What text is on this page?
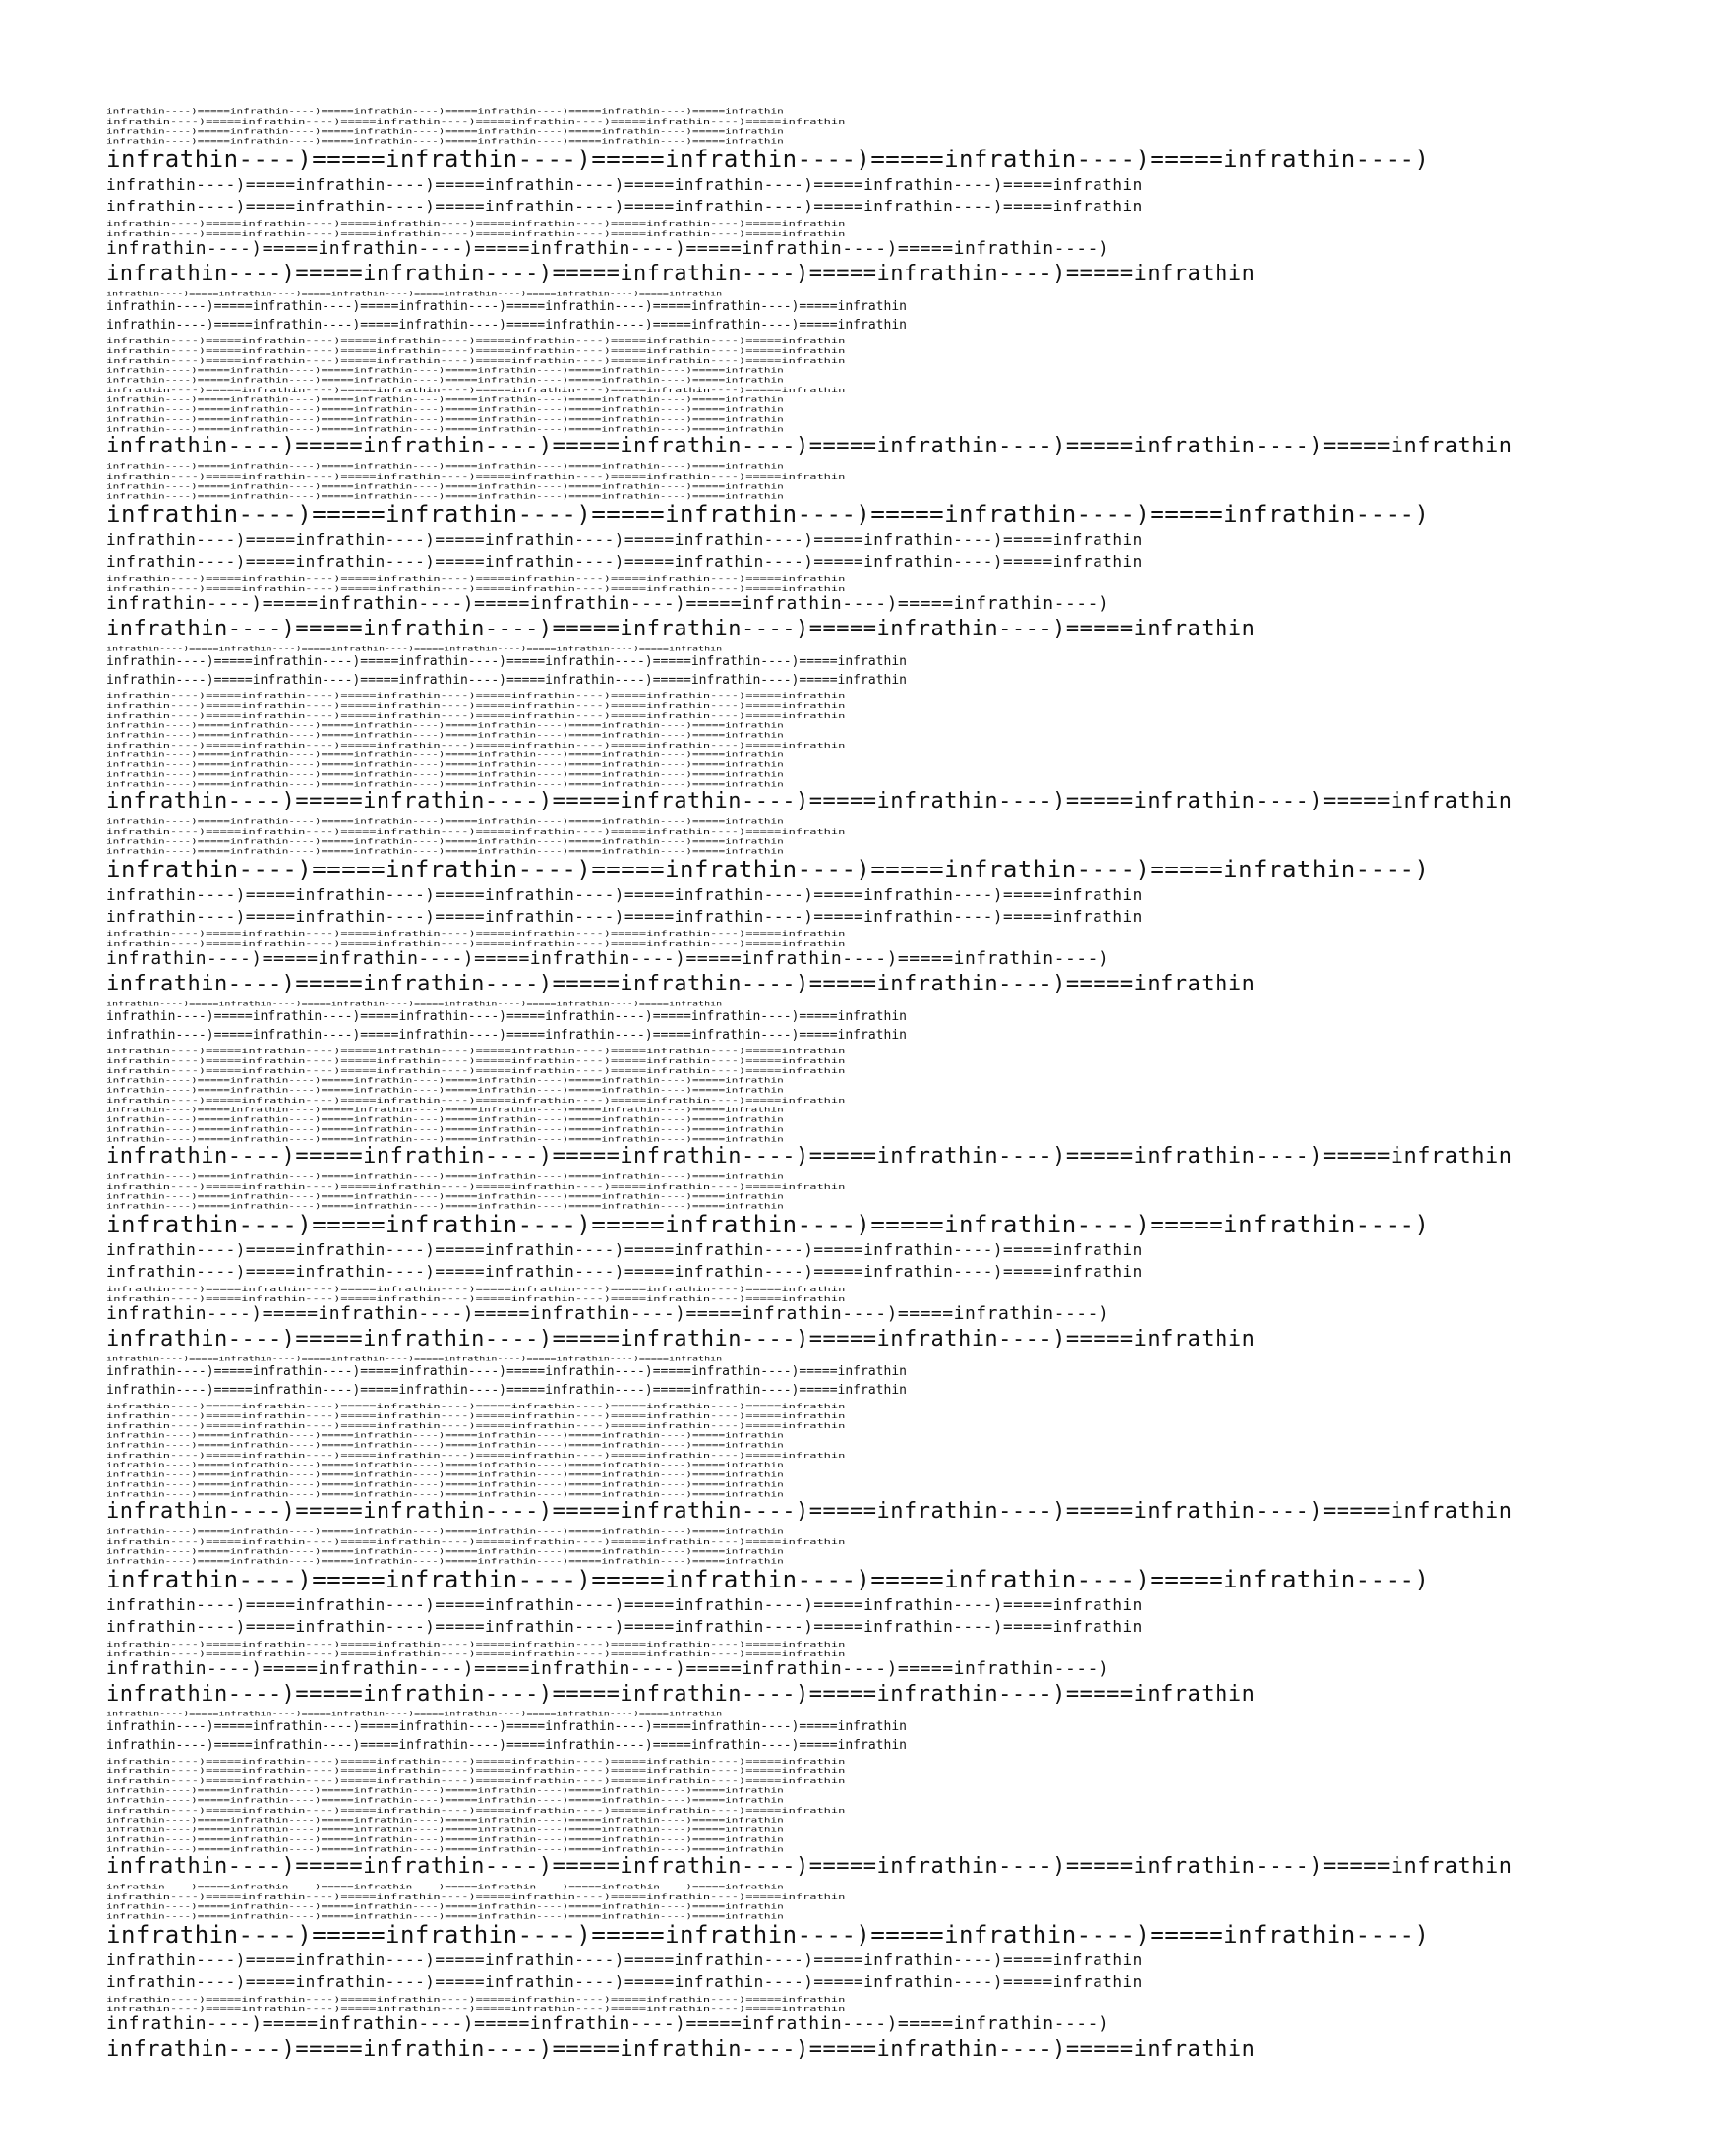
infrathin----)=====infrathin----)=====infrathin----)=====infrathin----)=====infrathin----)=====infrathin
infrathin----)=====infrathin----)=====infrathin----)=====infrathin----)=====infrathin----)=====infrathin
infrathin----)=====infrathin----)=====infrathin----)=====infrathin----)=====infrathin----)=====infrathin
infrathin----)=====infrathin----)=====infrathin----)=====infrathin----)=====infrathin----)=====infrathin
infrathin----)=====infrathin----)=====infrathin----)=====infrathin----)=====infrathin----)
infrathin----)=====infrathin----)=====infrathin----)=====infrathin----)=====infrathin----)=====infrathin
infrathin----)=====infrathin----)=====infrathin----)=====infrathin----)=====infrathin----)=====infrathin
infrathin----)=====infrathin----)=====infrathin----)=====infrathin----)=====infrathin----)=====infrathin
infrathin----)=====infrathin----)=====infrathin----)=====infrathin----)=====infrathin----)=====infrathin
infrathin----)=====infrathin----)=====infrathin----)=====infrathin----)=====infrathin----)
infrathin----)=====infrathin----)=====infrathin----)=====infrathin----)=====infrathin
infrathin----)=====infrathin----)=====infrathin----)=====infrathin----)=====infrathin----)=====infrathin
infrathin----)=====infrathin----)=====infrathin----)=====infrathin----)=====infrathin----)=====infrathin
infrathin----)=====infrathin----)=====infrathin----)=====infrathin----)=====infrathin----)=====infrathin
infrathin----)=====infrathin----)=====infrathin----)=====infrathin----)=====infrathin----)=====infrathin
infrathin----)=====infrathin----)=====infrathin----)=====infrathin----)=====infrathin----)=====infrathin
infrathin----)=====infrathin----)=====infrathin----)=====infrathin----)=====infrathin----)=====infrathin
infrathin----)=====infrathin----)=====infrathin----)=====infrathin----)=====infrathin----)=====infrathin
infrathin----)=====infrathin----)=====infrathin----)=====infrathin----)=====infrathin----)=====infrathin
infrathin----)=====infrathin----)=====infrathin----)=====infrathin----)=====infrathin----)=====infrathin
infrathin----)=====infrathin----)=====infrathin----)=====infrathin----)=====infrathin----)=====infrathin
infrathin----)=====infrathin----)=====infrathin----)=====infrathin----)=====infrathin----)=====infrathin
infrathin----)=====infrathin----)=====infrathin----)=====infrathin----)=====infrathin----)=====infrathin
infrathin----)=====infrathin----)=====infrathin----)=====infrathin----)=====infrathin----)=====infrathin
infrathin----)=====infrathin----)=====infrathin----)=====infrathin----)=====infrathin----)=====infrathin
infrathin----)=====infrathin----)=====infrathin----)=====infrathin----)=====infrathin----)=====infrathin
infrathin----)=====infrathin----)=====infrathin----)=====infrathin----)=====infrathin----)=====infrathin
infrathin----)=====infrathin----)=====infrathin----)=====infrathin----)=====infrathin----)=====infrathin
infrathin----)=====infrathin----)=====infrathin----)=====infrathin----)=====infrathin----)=====infrathin
infrathin----)=====infrathin----)=====infrathin----)=====infrathin----)=====infrathin----)
infrathin----)=====infrathin----)=====infrathin----)=====infrathin----)=====infrathin----)=====infrathin
infrathin----)=====infrathin----)=====infrathin----)=====infrathin----)=====infrathin----)=====infrathin
infrathin----)=====infrathin----)=====infrathin----)=====infrathin----)=====infrathin----)=====infrathin
infrathin----)=====infrathin----)=====infrathin----)=====infrathin----)=====infrathin----)=====infrathin
infrathin----)=====infrathin----)=====infrathin----)=====infrathin----)=====infrathin----)
infrathin----)=====infrathin----)=====infrathin----)=====infrathin----)=====infrathin
infrathin----)=====infrathin----)=====infrathin----)=====infrathin----)=====infrathin----)=====infrathin
infrathin----)=====infrathin----)=====infrathin----)=====infrathin----)=====infrathin----)=====infrathin
infrathin----)=====infrathin----)=====infrathin----)=====infrathin----)=====infrathin----)=====infrathin
infrathin----)=====infrathin----)=====infrathin----)=====infrathin----)=====infrathin----)=====infrathin
infrathin----)=====infrathin----)=====infrathin----)=====infrathin----)=====infrathin----)=====infrathin
infrathin----)=====infrathin----)=====infrathin----)=====infrathin----)=====infrathin----)=====infrathin
infrathin----)=====infrathin----)=====infrathin----)=====infrathin----)=====infrathin----)=====infrathin
infrathin----)=====infrathin----)=====infrathin----)=====infrathin----)=====infrathin----)=====infrathin
infrathin----)=====infrathin----)=====infrathin----)=====infrathin----)=====infrathin----)=====infrathin
infrathin----)=====infrathin----)=====infrathin----)=====infrathin----)=====infrathin----)=====infrathin
infrathin----)=====infrathin----)=====infrathin----)=====infrathin----)=====infrathin----)=====infrathin
infrathin----)=====infrathin----)=====infrathin----)=====infrathin----)=====infrathin----)=====infrathin
infrathin----)=====infrathin----)=====infrathin----)=====infrathin----)=====infrathin----)=====infrathin
infrathin----)=====infrathin----)=====infrathin----)=====infrathin----)=====infrathin----)=====infrathin
infrathin----)=====infrathin----)=====infrathin----)=====infrathin----)=====infrathin----)=====infrathin
infrathin----)=====infrathin----)=====infrathin----)=====infrathin----)=====infrathin----)=====infrathin
infrathin----)=====infrathin----)=====infrathin----)=====infrathin----)=====infrathin----)=====infrathin
infrathin----)=====infrathin----)=====infrathin----)=====infrathin----)=====infrathin----)=====infrathin
infrathin----)=====infrathin----)=====infrathin----)=====infrathin----)=====infrathin----)
infrathin----)=====infrathin----)=====infrathin----)=====infrathin----)=====infrathin----)=====infrathin
infrathin----)=====infrathin----)=====infrathin----)=====infrathin----)=====infrathin----)=====infrathin
infrathin----)=====infrathin----)=====infrathin----)=====infrathin----)=====infrathin----)=====infrathin
infrathin----)=====infrathin----)=====infrathin----)=====infrathin----)=====infrathin----)=====infrathin
infrathin----)=====infrathin----)=====infrathin----)=====infrathin----)=====infrathin----)
infrathin----)=====infrathin----)=====infrathin----)=====infrathin----)=====infrathin
infrathin----)=====infrathin----)=====infrathin----)=====infrathin----)=====infrathin----)=====infrathin
infrathin----)=====infrathin----)=====infrathin----)=====infrathin----)=====infrathin----)=====infrathin
infrathin----)=====infrathin----)=====infrathin----)=====infrathin----)=====infrathin----)=====infrathin
infrathin----)=====infrathin----)=====infrathin----)=====infrathin----)=====infrathin----)=====infrathin
infrathin----)=====infrathin----)=====infrathin----)=====infrathin----)=====infrathin----)=====infrathin
infrathin----)=====infrathin----)=====infrathin----)=====infrathin----)=====infrathin----)=====infrathin
infrathin----)=====infrathin----)=====infrathin----)=====infrathin----)=====infrathin----)=====infrathin
infrathin----)=====infrathin----)=====infrathin----)=====infrathin----)=====infrathin----)=====infrathin
infrathin----)=====infrathin----)=====infrathin----)=====infrathin----)=====infrathin----)=====infrathin
infrathin----)=====infrathin----)=====infrathin----)=====infrathin----)=====infrathin----)=====infrathin
infrathin----)=====infrathin----)=====infrathin----)=====infrathin----)=====infrathin----)=====infrathin
infrathin----)=====infrathin----)=====infrathin----)=====infrathin----)=====infrathin----)=====infrathin
infrathin----)=====infrathin----)=====infrathin----)=====infrathin----)=====infrathin----)=====infrathin
infrathin----)=====infrathin----)=====infrathin----)=====infrathin----)=====infrathin----)=====infrathin
infrathin----)=====infrathin----)=====infrathin----)=====infrathin----)=====infrathin----)=====infrathin
infrathin----)=====infrathin----)=====infrathin----)=====infrathin----)=====infrathin----)=====infrathin
infrathin----)=====infrathin----)=====infrathin----)=====infrathin----)=====infrathin----)=====infrathin
infrathin----)=====infrathin----)=====infrathin----)=====infrathin----)=====infrathin----)=====infrathin
infrathin----)=====infrathin----)=====infrathin----)=====infrathin----)=====infrathin----)
infrathin----)=====infrathin----)=====infrathin----)=====infrathin----)=====infrathin----)=====infrathin
infrathin----)=====infrathin----)=====infrathin----)=====infrathin----)=====infrathin----)=====infrathin
infrathin----)=====infrathin----)=====infrathin----)=====infrathin----)=====infrathin----)=====infrathin
infrathin----)=====infrathin----)=====infrathin----)=====infrathin----)=====infrathin----)=====infrathin
infrathin----)=====infrathin----)=====infrathin----)=====infrathin----)=====infrathin----)
infrathin----)=====infrathin----)=====infrathin----)=====infrathin----)=====infrathin
infrathin----)=====infrathin----)=====infrathin----)=====infrathin----)=====infrathin----)=====infrathin
infrathin----)=====infrathin----)=====infrathin----)=====infrathin----)=====infrathin----)=====infrathin
infrathin----)=====infrathin----)=====infrathin----)=====infrathin----)=====infrathin----)=====infrathin
infrathin----)=====infrathin----)=====infrathin----)=====infrathin----)=====infrathin----)=====infrathin
infrathin----)=====infrathin----)=====infrathin----)=====infrathin----)=====infrathin----)=====infrathin
infrathin----)=====infrathin----)=====infrathin----)=====infrathin----)=====infrathin----)=====infrathin
infrathin----)=====infrathin----)=====infrathin----)=====infrathin----)=====infrathin----)=====infrathin
infrathin----)=====infrathin----)=====infrathin----)=====infrathin----)=====infrathin----)=====infrathin
infrathin----)=====infrathin----)=====infrathin----)=====infrathin----)=====infrathin----)=====infrathin
infrathin----)=====infrathin----)=====infrathin----)=====infrathin----)=====infrathin----)=====infrathin
infrathin----)=====infrathin----)=====infrathin----)=====infrathin----)=====infrathin----)=====infrathin
infrathin----)=====infrathin----)=====infrathin----)=====infrathin----)=====infrathin----)=====infrathin
infrathin----)=====infrathin----)=====infrathin----)=====infrathin----)=====infrathin----)=====infrathin
infrathin----)=====infrathin----)=====infrathin----)=====infrathin----)=====infrathin----)=====infrathin
infrathin----)=====infrathin----)=====infrathin----)=====infrathin----)=====infrathin----)=====infrathin
infrathin----)=====infrathin----)=====infrathin----)=====infrathin----)=====infrathin----)=====infrathin
infrathin----)=====infrathin----)=====infrathin----)=====infrathin----)=====infrathin----)=====infrathin
infrathin----)=====infrathin----)=====infrathin----)=====infrathin----)=====infrathin----)=====infrathin
infrathin----)=====infrathin----)=====infrathin----)=====infrathin----)=====infrathin----)
infrathin----)=====infrathin----)=====infrathin----)=====infrathin----)=====infrathin----)=====infrathin
infrathin----)=====infrathin----)=====infrathin----)=====infrathin----)=====infrathin----)=====infrathin
infrathin----)=====infrathin----)=====infrathin----)=====infrathin----)=====infrathin----)=====infrathin
infrathin----)=====infrathin----)=====infrathin----)=====infrathin----)=====infrathin----)=====infrathin
infrathin----)=====infrathin----)=====infrathin----)=====infrathin----)=====infrathin----)
infrathin----)=====infrathin----)=====infrathin----)=====infrathin----)=====infrathin
infrathin----)=====infrathin----)=====infrathin----)=====infrathin----)=====infrathin----)=====infrathin
infrathin----)=====infrathin----)=====infrathin----)=====infrathin----)=====infrathin----)=====infrathin
infrathin----)=====infrathin----)=====infrathin----)=====infrathin----)=====infrathin----)=====infrathin
infrathin----)=====infrathin----)=====infrathin----)=====infrathin----)=====infrathin----)=====infrathin
infrathin----)=====infrathin----)=====infrathin----)=====infrathin----)=====infrathin----)=====infrathin
infrathin----)=====infrathin----)=====infrathin----)=====infrathin----)=====infrathin----)=====infrathin
infrathin----)=====infrathin----)=====infrathin----)=====infrathin----)=====infrathin----)=====infrathin
infrathin----)=====infrathin----)=====infrathin----)=====infrathin----)=====infrathin----)=====infrathin
infrathin----)=====infrathin----)=====infrathin----)=====infrathin----)=====infrathin----)=====infrathin
infrathin----)=====infrathin----)=====infrathin----)=====infrathin----)=====infrathin----)=====infrathin
infrathin----)=====infrathin----)=====infrathin----)=====infrathin----)=====infrathin----)=====infrathin
infrathin----)=====infrathin----)=====infrathin----)=====infrathin----)=====infrathin----)=====infrathin
infrathin----)=====infrathin----)=====infrathin----)=====infrathin----)=====infrathin----)=====infrathin
infrathin----)=====infrathin----)=====infrathin----)=====infrathin----)=====infrathin----)=====infrathin
infrathin----)=====infrathin----)=====infrathin----)=====infrathin----)=====infrathin----)=====infrathin
infrathin----)=====infrathin----)=====infrathin----)=====infrathin----)=====infrathin----)=====infrathin
infrathin----)=====infrathin----)=====infrathin----)=====infrathin----)=====infrathin----)=====infrathin
infrathin----)=====infrathin----)=====infrathin----)=====infrathin----)=====infrathin----)=====infrathin
infrathin----)=====infrathin----)=====infrathin----)=====infrathin----)=====infrathin----)
infrathin----)=====infrathin----)=====infrathin----)=====infrathin----)=====infrathin----)=====infrathin
infrathin----)=====infrathin----)=====infrathin----)=====infrathin----)=====infrathin----)=====infrathin
infrathin----)=====infrathin----)=====infrathin----)=====infrathin----)=====infrathin----)=====infrathin
infrathin----)=====infrathin----)=====infrathin----)=====infrathin----)=====infrathin----)=====infrathin
infrathin----)=====infrathin----)=====infrathin----)=====infrathin----)=====infrathin----)
infrathin----)=====infrathin----)=====infrathin----)=====infrathin----)=====infrathin
